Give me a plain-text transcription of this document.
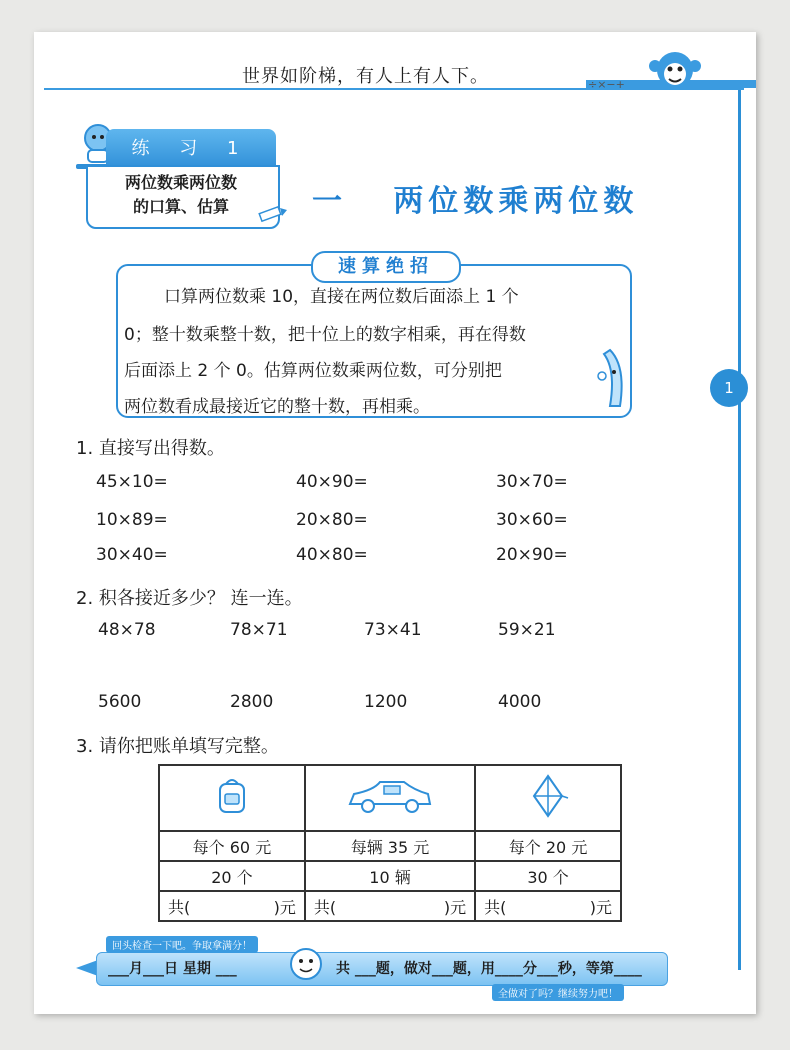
世界如阶梯，有人上有人下。	÷×−+
1
练 习 1
两位数乘两位数
的口算、估算	一 两位数乘两位数
速算绝招
口算两位数乘 10，直接在两位数后面添上 1 个
0；整十数乘整十数，把十位上的数字相乘，再在得数
后面添上 2 个 0。估算两位数乘两位数，可分别把
两位数看成最接近它的整十数，再相乘。
1. 直接写出得数。
45×10=	40×90=	30×70=
10×89=	20×80=	30×60=
30×40=	40×80=	20×90=
2. 积各接近多少？ 连一连。
48×78	78×71	73×41	59×21
5600	2800	1200	4000
3. 请你把账单填写完整。

每个 60 元	每辆 35 元	每个 20 元
20 个	10 辆	30 个

共( )元	共( )元	共( )元
回头检查一下吧。争取拿满分！
___月___日 星期 ___	共 ___题，做对___题，用____分___秒，等第____
全做对了吗？继续努力吧！
